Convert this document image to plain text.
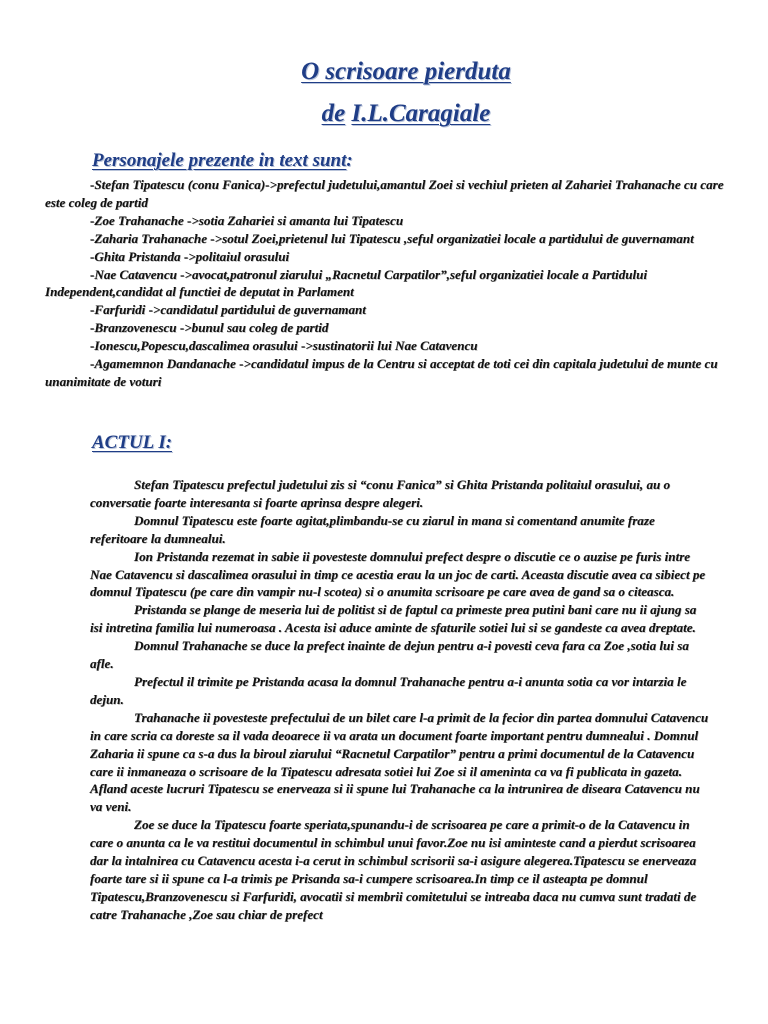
O scrisoare pierduta
de I.L.Caragiale
Personajele prezente in text sunt:
-Stefan Tipatescu (conu Fanica)->prefectul judetului,amantul Zoei si vechiul prieten al Zahariei Trahanache cu care este coleg de partid
-Zoe Trahanache ->sotia Zahariei si amanta lui Tipatescu
-Zaharia Trahanache ->sotul Zoei,prietenul lui Tipatescu ,seful organizatiei locale a partidului de guvernamant
-Ghita Pristanda ->politaiul orasului
-Nae Catavencu ->avocat,patronul ziarului „Racnetul Carpatilor”,seful organizatiei locale a Partidului Independent,candidat al functiei de deputat in Parlament
-Farfuridi ->candidatul partidului de guvernamant
-Branzovenescu ->bunul sau coleg de partid
-Ionescu,Popescu,dascalimea orasului ->sustinatorii lui Nae Catavencu
-Agamemnon Dandanache ->candidatul impus de la Centru si acceptat de toti cei din capitala judetului de munte cu unanimitate de voturi
ACTUL I:

Stefan Tipatescu prefectul judetului zis si “conu Fanica” si Ghita Pristanda politaiul orasului, au o conversatie foarte interesanta si foarte aprinsa despre alegeri.

Domnul Tipatescu este foarte agitat,plimbandu-se cu ziarul in mana si comentand anumite fraze referitoare la dumnealui.

Ion Pristanda rezemat in sabie ii povesteste domnului prefect despre o discutie ce o auzise pe furis intre Nae Catavencu si dascalimea orasului in timp ce acestia erau la un joc de carti. Aceasta discutie avea ca sibiect pe domnul Tipatescu (pe care din vampir nu-l scotea) si o anumita scrisoare pe care avea de gand sa o citeasca.

Pristanda se plange de meseria lui de politist si de faptul ca primeste prea putini bani care nu ii ajung sa isi intretina familia lui numeroasa . Acesta isi aduce aminte de sfaturile sotiei lui si se gandeste ca avea dreptate.

Domnul Trahanache se duce la prefect inainte de dejun pentru a-i povesti ceva fara ca Zoe ,sotia lui sa afle.

Prefectul il trimite pe Pristanda acasa la domnul Trahanache pentru a-i anunta sotia ca vor intarzia le dejun.

Trahanache ii povesteste prefectului de un bilet care l-a primit de la fecior din partea domnului Catavencu in care scria ca doreste sa il vada deoarece ii va arata un document foarte important pentru dumnealui . Domnul Zaharia ii spune ca s-a dus la biroul ziarului “Racnetul Carpatilor” pentru a primi documentul de la Catavencu care ii inmaneaza o scrisoare de la Tipatescu adresata sotiei lui Zoe si il ameninta ca va fi publicata in gazeta. Afland aceste lucruri Tipatescu se enerveaza si ii spune lui Trahanache ca la intrunirea de diseara Catavencu nu va veni.

Zoe se duce la Tipatescu foarte speriata,spunandu-i de scrisoarea pe care a primit-o de la Catavencu in care o anunta ca le va restitui documentul in schimbul unui favor.Zoe nu isi aminteste cand a pierdut scrisoarea dar la intalnirea cu Catavencu acesta i-a cerut in schimbul scrisorii sa-i asigure alegerea.Tipatescu se enerveaza foarte tare si ii spune ca l-a trimis pe Prisanda sa-i cumpere scrisoarea.In timp ce il asteapta pe domnul Tipatescu,Branzovenescu si Farfuridi, avocatii si membrii comitetului se intreaba daca nu cumva sunt tradati de catre Trahanache ,Zoe sau chiar de prefect
